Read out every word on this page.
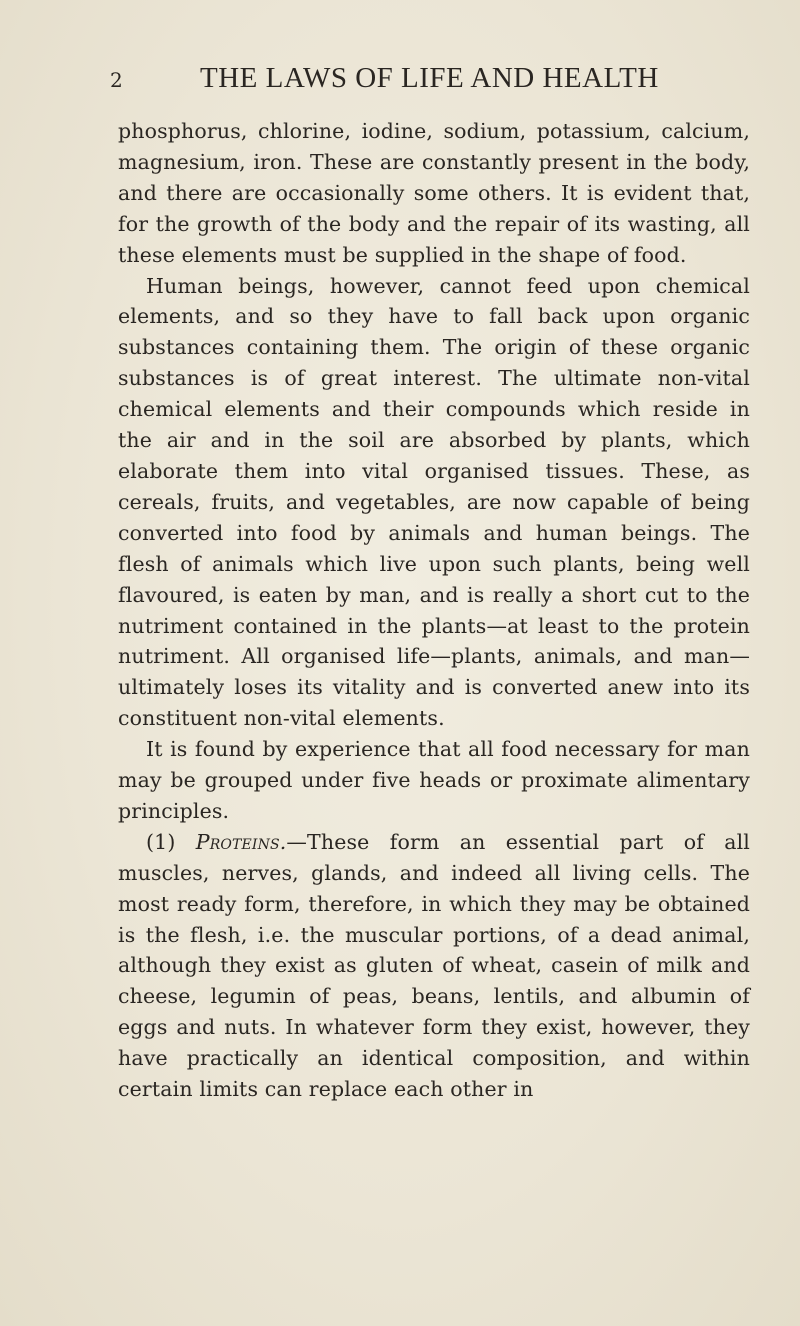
2	THE LAWS OF LIFE AND HEALTH

phosphorus, chlorine, iodine, sodium, potassium, calcium, magnesium, iron. These are constantly present in the body, and there are occasionally some others. It is evident that, for the growth of the body and the repair of its wasting, all these elements must be supplied in the shape of food.

Human beings, however, cannot feed upon chemical elements, and so they have to fall back upon organic substances containing them. The origin of these organic substances is of great interest. The ultimate non-vital chemical elements and their compounds which reside in the air and in the soil are absorbed by plants, which elaborate them into vital organised tissues. These, as cereals, fruits, and vegetables, are now capable of being converted into food by animals and human beings. The flesh of animals which live upon such plants, being well flavoured, is eaten by man, and is really a short cut to the nutriment contained in the plants—at least to the protein nutriment. All organised life—plants, animals, and man—ultimately loses its vitality and is converted anew into its constituent non-vital elements.

It is found by experience that all food necessary for man may be grouped under five heads or proximate alimentary principles.

(1) Proteins.—These form an essential part of all muscles, nerves, glands, and indeed all living cells. The most ready form, therefore, in which they may be obtained is the flesh, i.e. the muscular portions, of a dead animal, although they exist as gluten of wheat, casein of milk and cheese, legumin of peas, beans, lentils, and albumin of eggs and nuts. In whatever form they exist, however, they have practically an identical composition, and within certain limits can replace each other in
